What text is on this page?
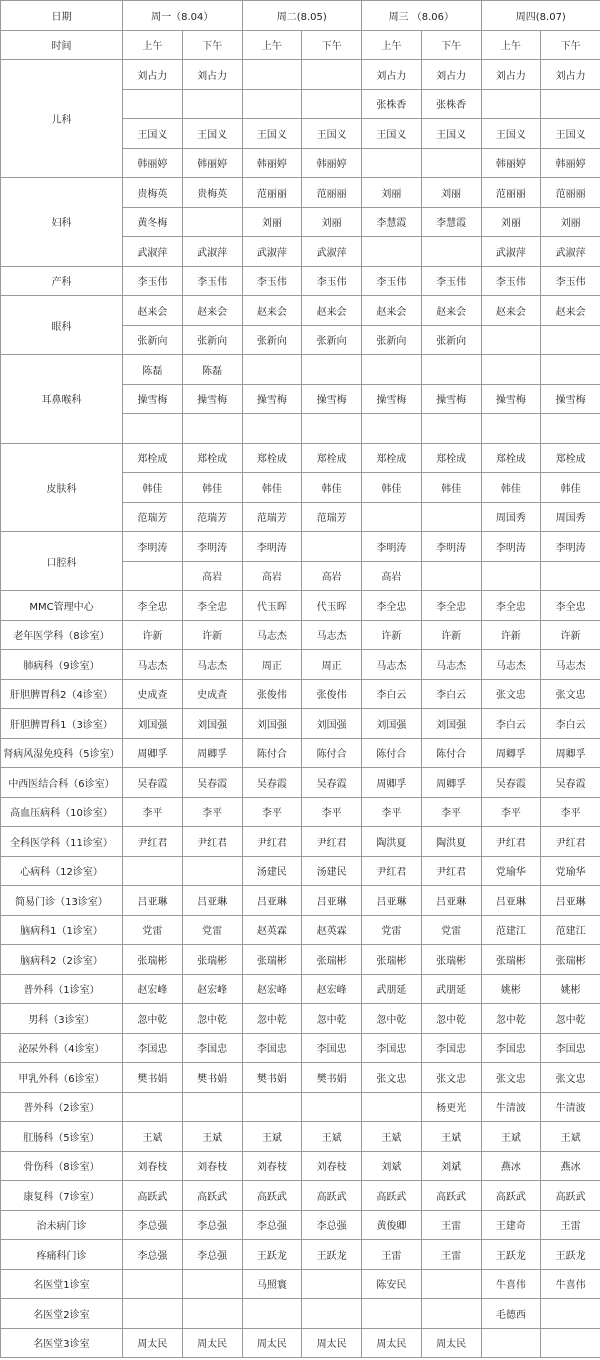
日期	周一（8.04）		周二(8.05)		周三 （8.06）		周四(8.07)	
时间	上午	下午	上午	下午	上午	下午	上午	下午
儿科	刘占力	刘占力			刘占力	刘占力	刘占力	刘占力
					张株香	张株香		
	王国义	王国义	王国义	王国义	王国义	王国义	王国义	王国义
	韩丽婷	韩丽婷	韩丽婷	韩丽婷			韩丽婷	韩丽婷
妇科	贵梅英	贵梅英	范丽丽	范丽丽	刘丽	刘丽	范丽丽	范丽丽
	黄冬梅		刘丽	刘丽	李慧霞	李慧霞	刘丽	刘丽
	武淑萍	武淑萍	武淑萍	武淑萍			武淑萍	武淑萍
产科	李玉伟	李玉伟	李玉伟	李玉伟	李玉伟	李玉伟	李玉伟	李玉伟
眼科	赵来会	赵来会	赵来会	赵来会	赵来会	赵来会	赵来会	赵来会
	张新向	张新向	张新向	张新向	张新向	张新向		
耳鼻喉科	陈磊	陈磊						
	操雪梅	操雪梅	操雪梅	操雪梅	操雪梅	操雪梅	操雪梅	操雪梅

皮肤科	郑栓成	郑栓成	郑栓成	郑栓成	郑栓成	郑栓成	郑栓成	郑栓成
	韩佳	韩佳	韩佳	韩佳	韩佳	韩佳	韩佳	韩佳
	范瑞芳	范瑞芳	范瑞芳	范瑞芳			周国秀	周国秀
口腔科	李明涛	李明涛	李明涛		李明涛	李明涛	李明涛	李明涛
		高岩	高岩	高岩	高岩			
MMC管理中心	李全忠	李全忠	代玉晖	代玉晖	李全忠	李全忠	李全忠	李全忠
老年医学科（8诊室）	许新	许新	马志杰	马志杰	许新	许新	许新	许新
肺病科（9诊室）	马志杰	马志杰	周正	周正	马志杰	马志杰	马志杰	马志杰
肝胆脾胃科2（4诊室）	史成查	史成查	张俊伟	张俊伟	李白云	李白云	张文忠	张文忠
肝胆脾胃科1（3诊室）	刘国强	刘国强	刘国强	刘国强	刘国强	刘国强	李白云	李白云
肾病风湿免疫科（5诊室）	周卿孚	周卿孚	陈付合	陈付合	陈付合	陈付合	周卿孚	周卿孚
中西医结合科（6诊室）	吴春霞	吴春霞	吴春霞	吴春霞	周卿孚	周卿孚	吴春霞	吴春霞
高血压病科（10诊室）	李平	李平	李平	李平	李平	李平	李平	李平
全科医学科（11诊室）	尹红君	尹红君	尹红君	尹红君	陶洪夏	陶洪夏	尹红君	尹红君
心病科（12诊室）			汤建民	汤建民	尹红君	尹红君	党瑜华	党瑜华
简易门诊（13诊室）	吕亚琳	吕亚琳	吕亚琳	吕亚琳	吕亚琳	吕亚琳	吕亚琳	吕亚琳
脑病科1（1诊室）	党雷	党雷	赵英霖	赵英霖	党雷	党雷	范建江	范建江
脑病科2（2诊室）	张瑞彬	张瑞彬	张瑞彬	张瑞彬	张瑞彬	张瑞彬	张瑞彬	张瑞彬
普外科（1诊室）	赵宏峰	赵宏峰	赵宏峰	赵宏峰	武朋延	武朋延	姚彬	姚彬
男科（3诊室）	忽中乾	忽中乾	忽中乾	忽中乾	忽中乾	忽中乾	忽中乾	忽中乾
泌尿外科（4诊室）	李国忠	李国忠	李国忠	李国忠	李国忠	李国忠	李国忠	李国忠
甲乳外科（6诊室）	樊书娟	樊书娟	樊书娟	樊书娟	张文忠	张文忠	张文忠	张文忠
普外科（2诊室）						杨更光	牛清波	牛清波
肛肠科（5诊室）	王斌	王斌	王斌	王斌	王斌	王斌	王斌	王斌
骨伤科（8诊室）	刘春枝	刘春枝	刘春枝	刘春枝	刘斌	刘斌	燕冰	燕冰
康复科（7诊室）	高跃武	高跃武	高跃武	高跃武	高跃武	高跃武	高跃武	高跃武
治未病门诊	李总强	李总强	李总强	李总强	黄俊卿	王雷	王建奇	王雷
疼痛科门诊	李总强	李总强	王跃龙	王跃龙	王雷	王雷	王跃龙	王跃龙
名医堂1诊室			马照寰		陈安民		牛喜伟	牛喜伟
名医堂2诊室							毛德西	
名医堂3诊室	周太民	周太民	周太民	周太民	周太民	周太民		
